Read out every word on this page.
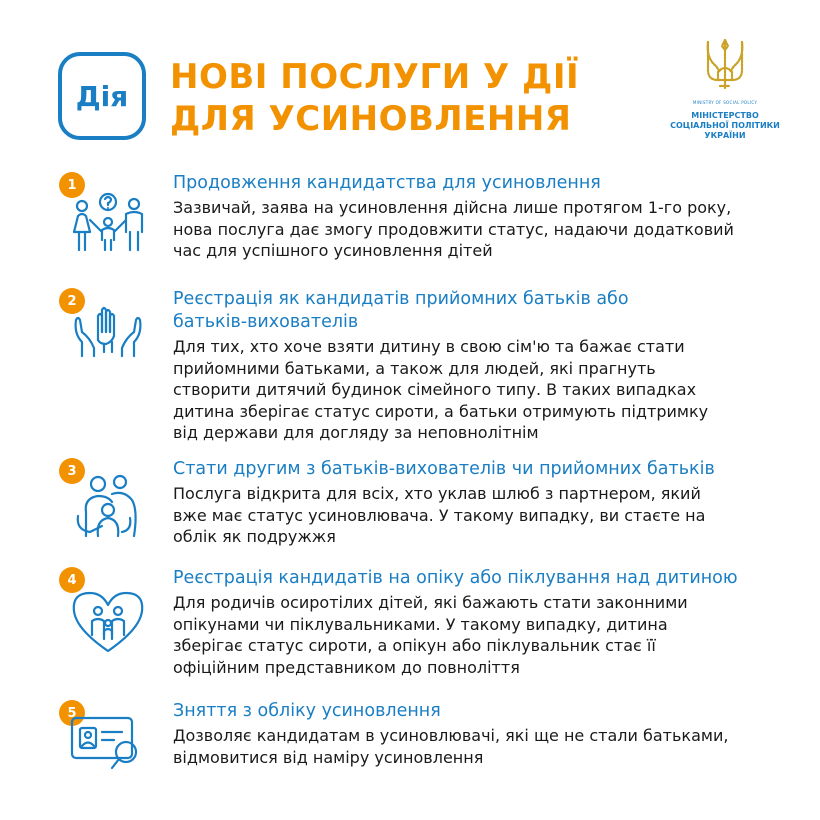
Дія НОВІ ПОСЛУГИ У ДІЇ
ДЛЯ УСИНОВЛЕННЯ	MINISTRY OF SOCIAL POLICY
МІНІСТЕРСТВО
СОЦІАЛЬНОЇ ПОЛІТИКИ
УКРАЇНИ
1	Продовження кандидатства для усиновлення

Зазвичай, заява на усиновлення дійсна лише протягом 1-го року,
нова послуга дає змогу продовжити статус, надаючи додатковий
час для успішного усиновлення дітей

2	Реєстрація як кандидатів прийомних батьків або
батьків-вихователів

Для тих, хто хоче взяти дитину в свою сім'ю та бажає стати
прийомними батьками, а також для людей, які прагнуть
створити дитячий будинок сімейного типу. В таких випадках
дитина зберігає статус сироти, а батьки отримують підтримку
від держави для догляду за неповнолітнім

3	Стати другим з батьків-вихователів чи прийомних батьків

Послуга відкрита для всіх, хто уклав шлюб з партнером, який
вже має статус усиновлювача. У такому випадку, ви стаєте на
облік як подружжя

4	Реєстрація кандидатів на опіку або піклування над дитиною

Для родичів осиротілих дітей, які бажають стати законними
опікунами чи піклувальниками. У такому випадку, дитина
зберігає статус сироти, а опікун або піклувальник стає її
офіційним представником до повноліття

5	Зняття з обліку усиновлення

Дозволяє кандидатам в усиновлювачі, які ще не стали батьками,
відмовитися від наміру усиновлення
